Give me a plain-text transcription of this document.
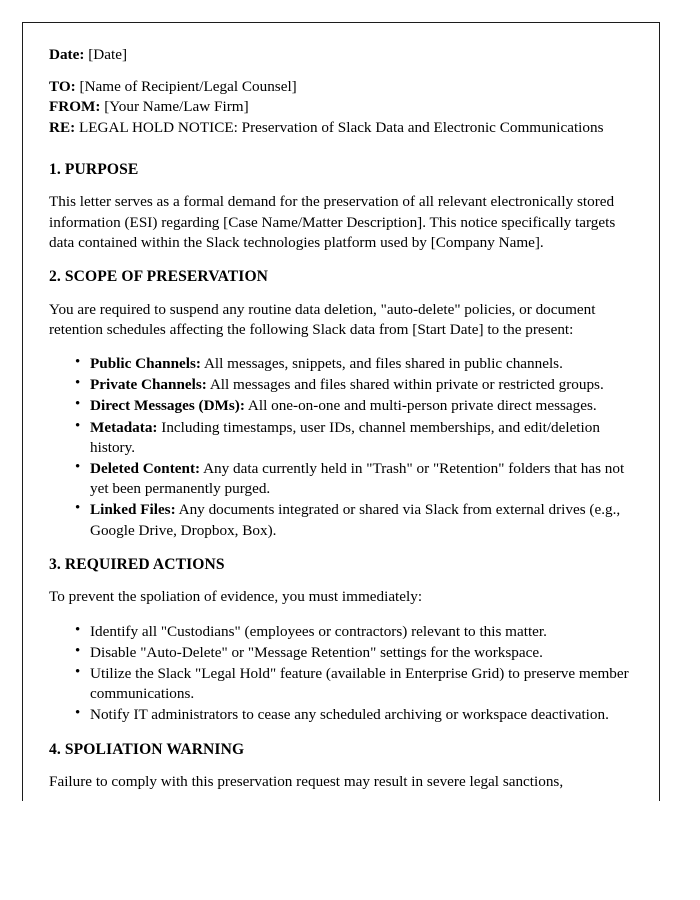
Date: [Date]
TO: [Name of Recipient/Legal Counsel]
FROM: [Your Name/Law Firm]
RE: LEGAL HOLD NOTICE: Preservation of Slack Data and Electronic Communications
1. PURPOSE

This letter serves as a formal demand for the preservation of all relevant electronically stored information (ESI) regarding [Case Name/Matter Description]. This notice specifically targets data contained within the Slack technologies platform used by [Company Name].

2. SCOPE OF PRESERVATION

You are required to suspend any routine data deletion, "auto-delete" policies, or document retention schedules affecting the following Slack data from [Start Date] to the present:

• Public Channels: All messages, snippets, and files shared in public channels.
• Private Channels: All messages and files shared within private or restricted groups.
• Direct Messages (DMs): All one-on-one and multi-person private direct messages.
• Metadata: Including timestamps, user IDs, channel memberships, and edit/deletion history.
• Deleted Content: Any data currently held in "Trash" or "Retention" folders that has not yet been permanently purged.
• Linked Files: Any documents integrated or shared via Slack from external drives (e.g., Google Drive, Dropbox, Box).
3. REQUIRED ACTIONS

To prevent the spoliation of evidence, you must immediately:

• Identify all "Custodians" (employees or contractors) relevant to this matter.
• Disable "Auto-Delete" or "Message Retention" settings for the workspace.
• Utilize the Slack "Legal Hold" feature (available in Enterprise Grid) to preserve member communications.
• Notify IT administrators to cease any scheduled archiving or workspace deactivation.
4. SPOLIATION WARNING

Failure to comply with this preservation request may result in severe legal sanctions,
